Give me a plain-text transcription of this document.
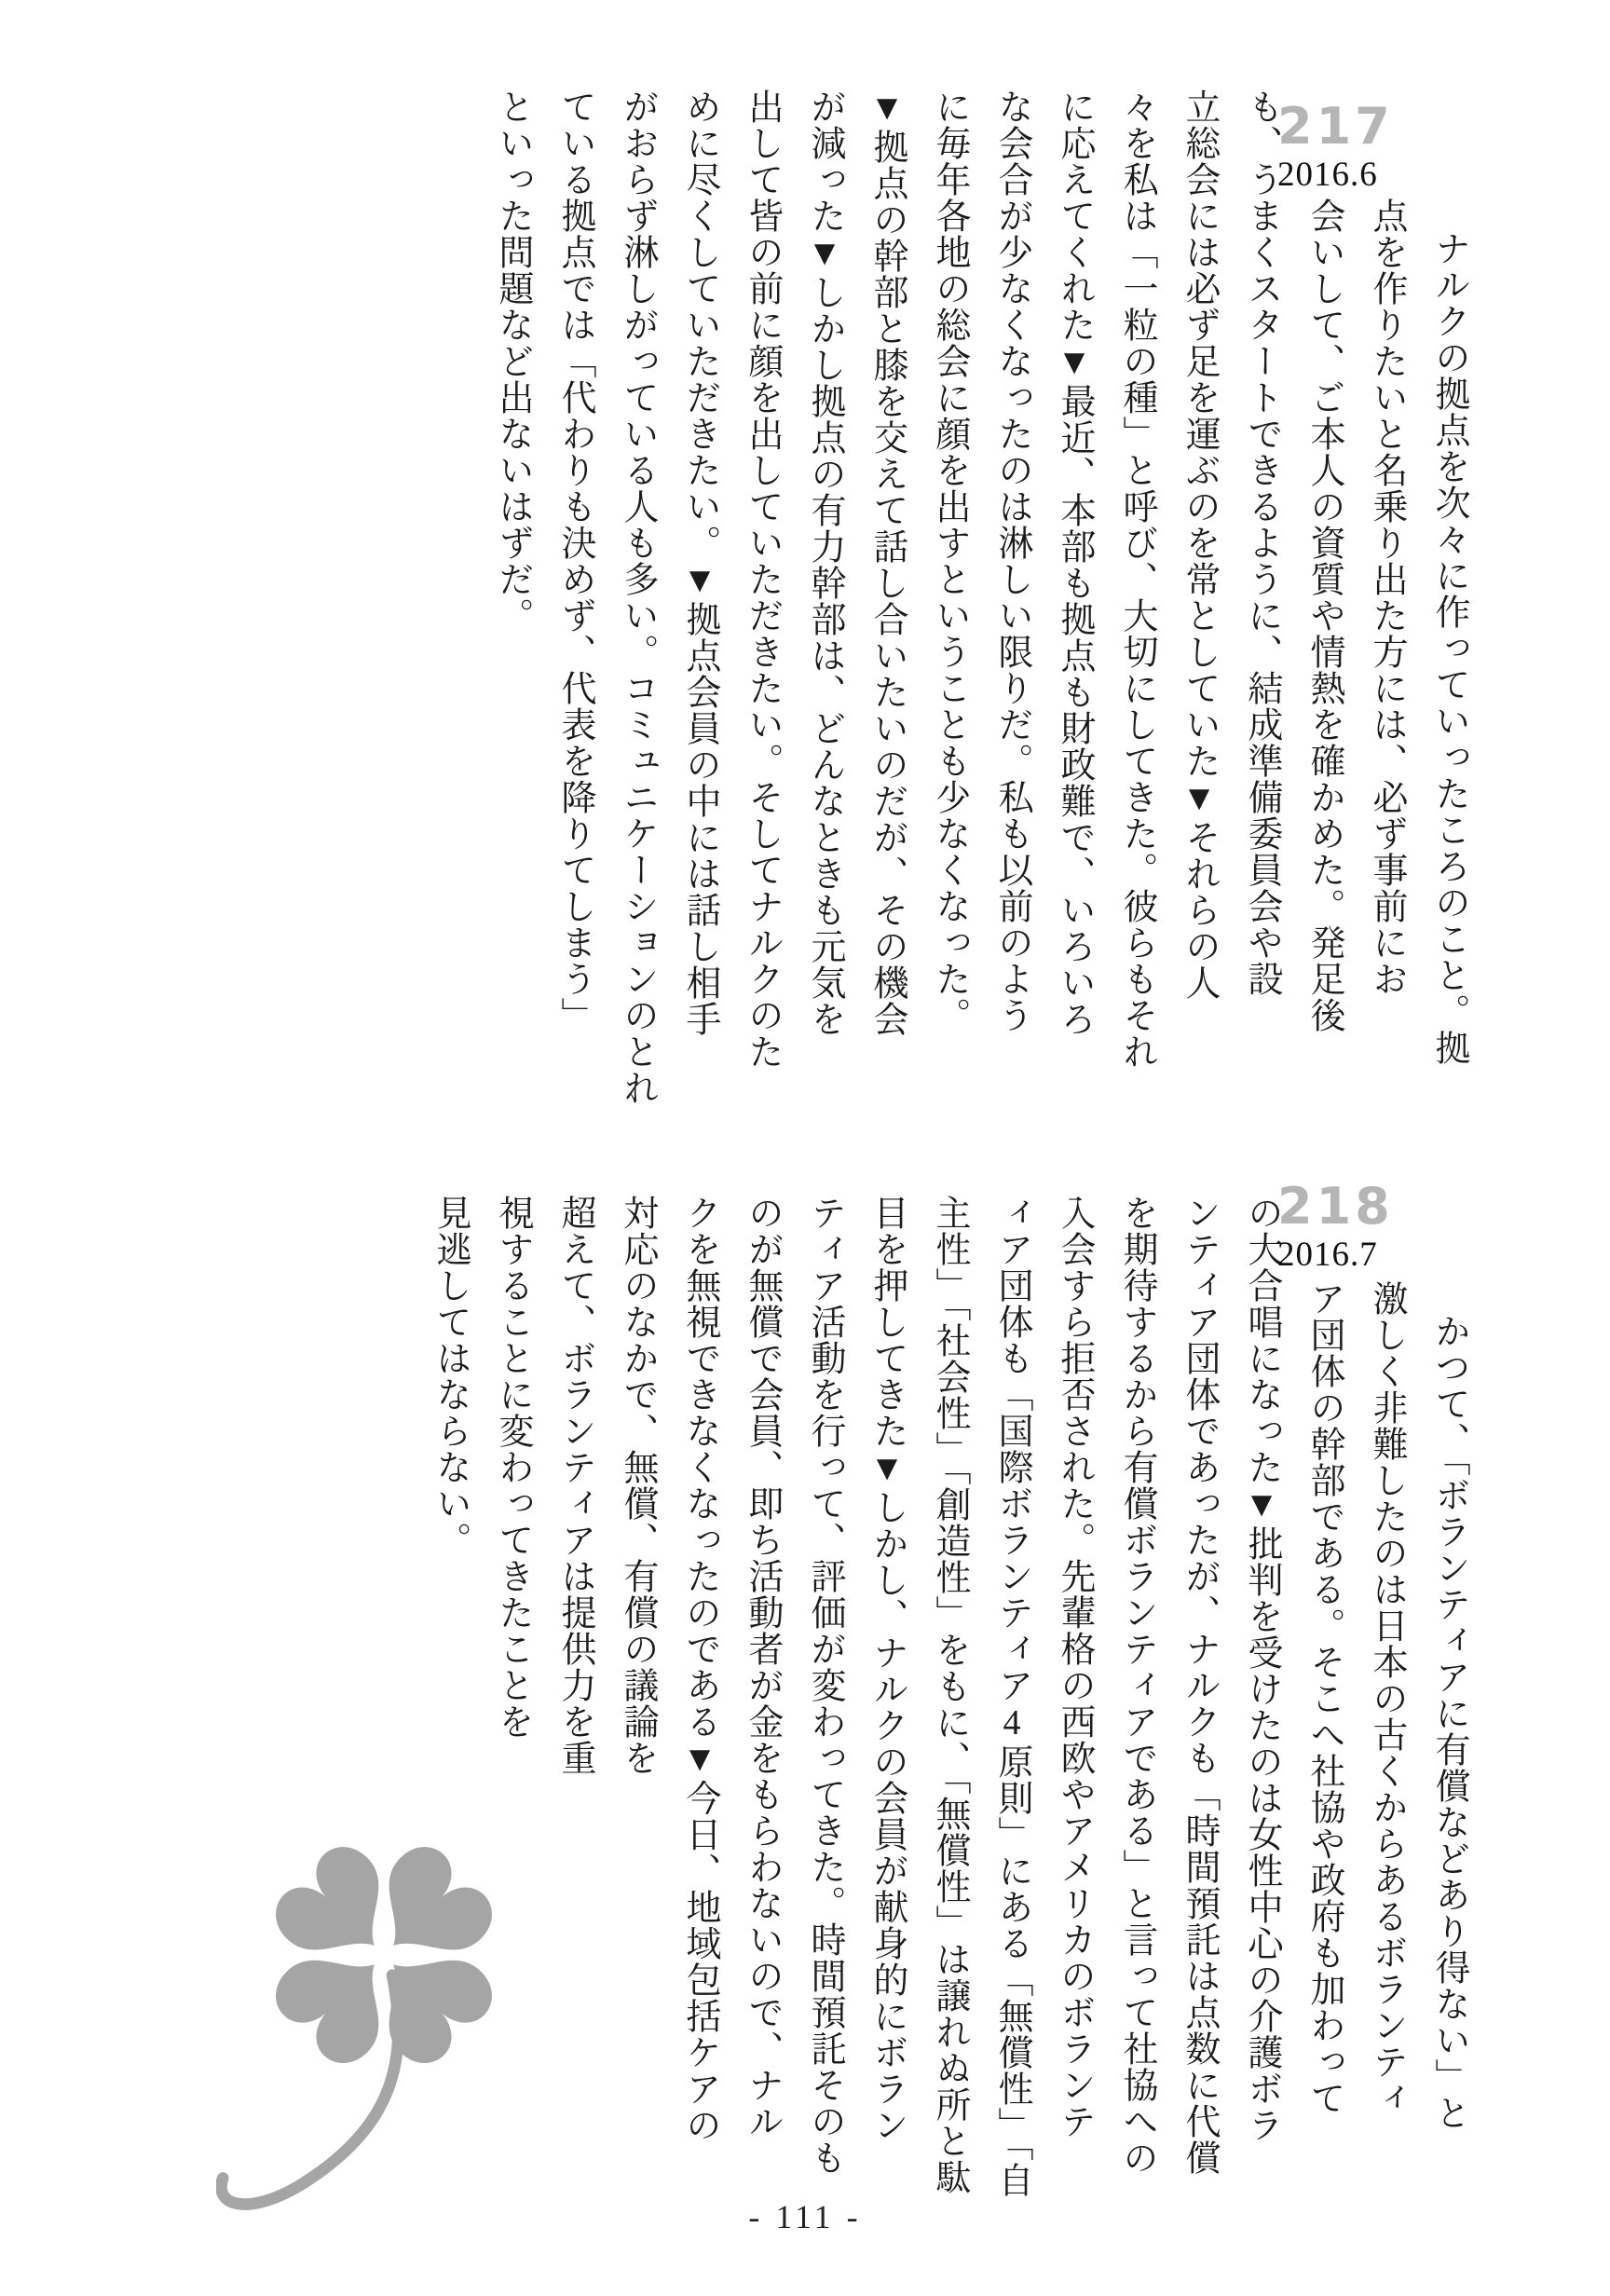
217
2016.6
ナルクの拠点を次々に作っていったころのこと。拠
点を作りたいと名乗り出た方には、必ず事前にお
会いして、ご本人の資質や情熱を確かめた。発足後
も、うまくスタートできるように、結成準備委員会や設
立総会には必ず足を運ぶのを常としていた▼それらの人
々を私は「一粒の種」と呼び、大切にしてきた。彼らもそれ
に応えてくれた▼最近、本部も拠点も財政難で、いろいろ
な会合が少なくなったのは淋しい限りだ。私も以前のよう
に毎年各地の総会に顔を出すということも少なくなった。
▼拠点の幹部と膝を交えて話し合いたいのだが、その機会
が減った▼しかし拠点の有力幹部は、どんなときも元気を
出して皆の前に顔を出していただきたい。そしてナルクのた
めに尽くしていただきたい。▼拠点会員の中には話し相手
がおらず淋しがっている人も多い。コミュニケーションのとれ
ている拠点では「代わりも決めず、代表を降りてしまう」
といった問題など出ないはずだ。
218
2016.7
かつて、「ボランティアに有償などあり得ない」と
激しく非難したのは日本の古くからあるボランティ
ア団体の幹部である。そこへ社協や政府も加わって
の大合唱になった▼批判を受けたのは女性中心の介護ボラ
ンティア団体であったが、ナルクも「時間預託は点数に代償
を期待するから有償ボランティアである」と言って社協への
入会すら拒否された。先輩格の西欧やアメリカのボランテ
ィア団体も「国際ボランティア4原則」にある「無償性」「自
主性」「社会性」「創造性」をもに、「無償性」は譲れぬ所と駄
目を押してきた▼しかし、ナルクの会員が献身的にボラン
ティア活動を行って、評価が変わってきた。時間預託そのも
のが無償で会員、即ち活動者が金をもらわないので、ナル
クを無視できなくなったのである▼今日、地域包括ケアの
対応のなかで、無償、有償の議論を
超えて、ボランティアは提供力を重
視することに変わってきたことを
見逃してはならない。
- 111 -
